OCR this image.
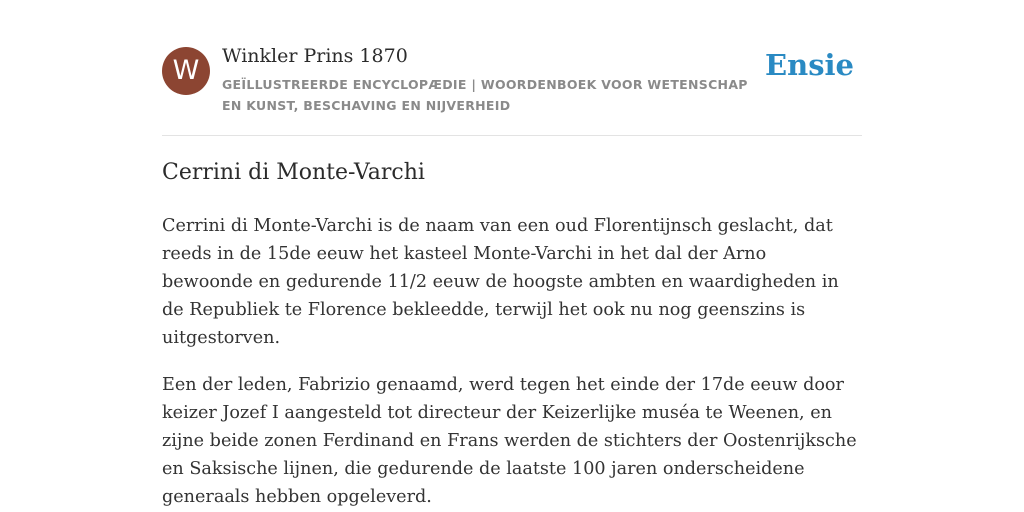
W	Winkler Prins 1870
GEÏLLUSTREERDE ENCYCLOPÆDIE | WOORDENBOEK VOOR WETENSCHAP EN KUNST, BESCHAVING EN NIJVERHEID
Ensie
Cerrini di Monte-Varchi

Cerrini di Monte-Varchi is de naam van een oud Florentijnsch geslacht, dat reeds in de 15de eeuw het kasteel Monte-Varchi in het dal der Arno bewoonde en gedurende 11/2 eeuw de hoogste ambten en waardigheden in de Republiek te Florence bekleedde, terwijl het ook nu nog geenszins is uitgestorven.

Een der leden, Fabrizio genaamd, werd tegen het einde der 17de eeuw door keizer Jozef I aangesteld tot directeur der Keizerlijke muséa te Weenen, en zijne beide zonen Ferdinand en Frans werden de stichters der Oostenrijksche en Saksische lijnen, die gedurende de laatste 100 jaren onderscheidene generaals hebben opgeleverd.
